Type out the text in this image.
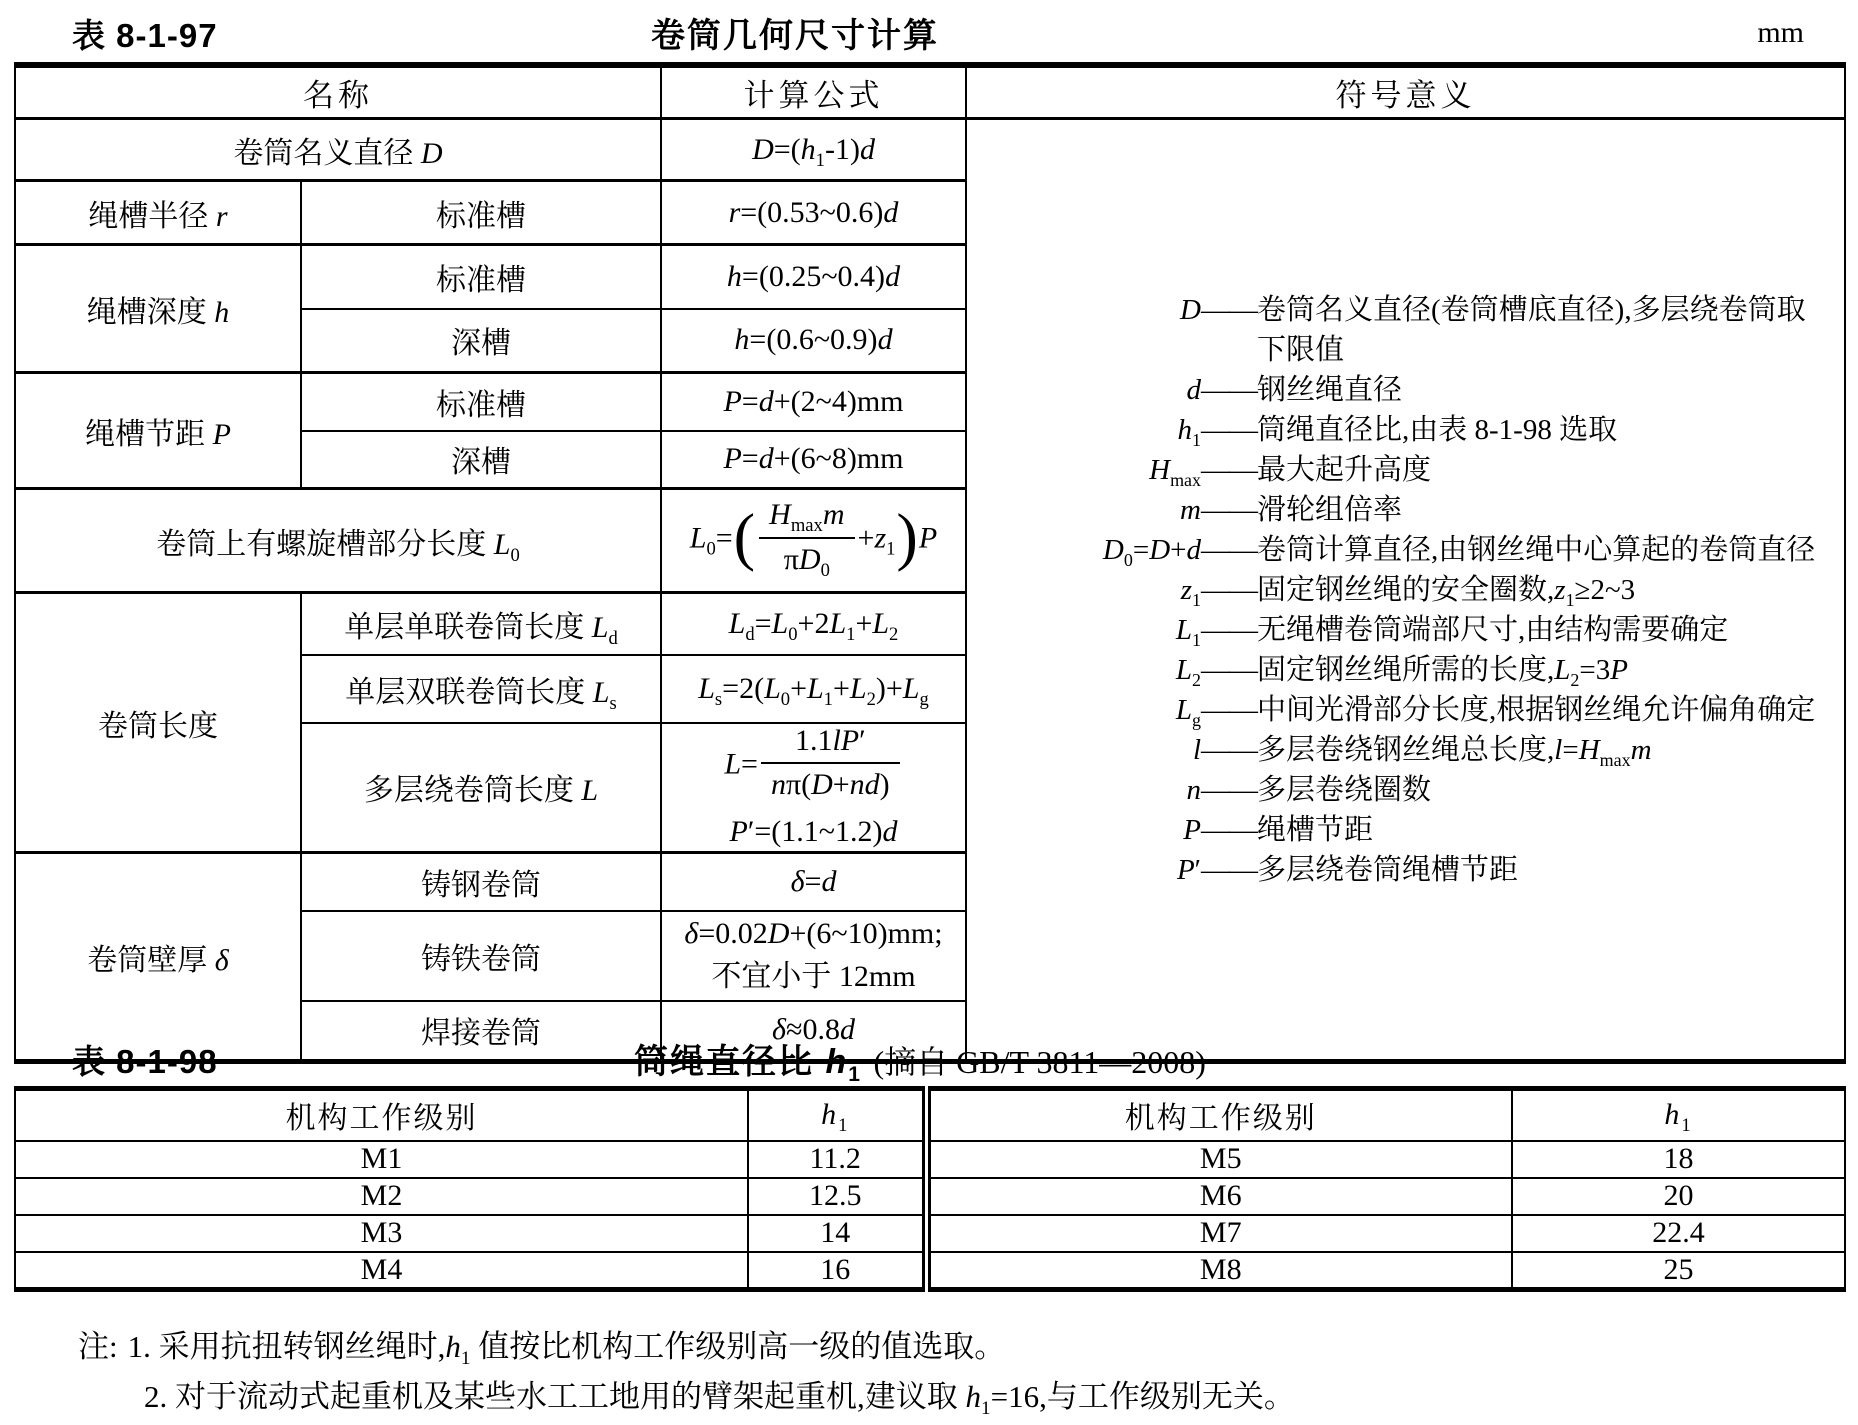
表 8-1-97	卷筒几何尺寸计算	mm
名称		计算公式	符号意义
卷筒名义直径 D	$D=(h_1-1)d$	
D —— 卷筒名义直径(卷筒槽底直径),多层绕卷筒取下限值
d —— 钢丝绳直径
$h_1$ —— 筒绳直径比,由表 8-1-98 选取
$H_{max}$ —— 最大起升高度
m —— 滑轮组倍率
$D_0=D+d$ —— 卷筒计算直径,由钢丝绳中心算起的卷筒直径
$z_1$ —— 固定钢丝绳的安全圈数$,z_1\ge 2\sim 3$
$L_1$ —— 无绳槽卷筒端部尺寸,由结构需要确定
$L_2$ —— 固定钢丝绳所需的长度$,L_2=3P$
$L_g$ —— 中间光滑部分长度,根据钢丝绳允许偏角确定
l —— 多层卷绕钢丝绳总长度$,l=H_{max}m$
n —— 多层卷绕圈数
P —— 绳槽节距
P′ —— 多层绕卷筒绳槽节距

绳槽半径 r	标准槽	r=(0.53~0.6)d	
绳槽深度 h	标准槽	h=(0.25~0.4)d	
	深槽	h=(0.6~0.9)d	
绳槽节距 P	标准槽	P=d+(2~4)mm	
	深槽	P=d+(6~8)mm	
卷筒上有螺旋槽部分长度 $L_0$		$L_0=( \frac{H_{max}m}{\pi D_0} +z_1)P$	
卷筒长度	单层单联卷筒长度 $L_d$	$L_d=L_0+2L_1+L_2$
	单层双联卷筒长度 $L_s$	$L_s=2(L_0+L_1+L_2)+L_g$
	多层绕卷筒长度 L	$L= \frac{1.1lP'}{n\pi(D+nd)}$
P′=(1.1~1.2)d	

卷筒壁厚 δ	铸钢卷筒	δ=d	
	铸铁卷筒	δ=0.02D+(6~10)mm;
不宜小于 12mm	
	焊接卷筒	δ≈0.8d	
表 8-1-98	筒绳直径比 $h_1$ (摘自 GB/T 3811—2008)
机构工作级别	$h_1$	机构工作级别	$h_1$
M1	11.2	M5	18
M2	12.5	M6	20
M3	14	M7	22.4
M4	16	M8	25
注: 1. 采用抗扭转钢丝绳时$,h_1$ 值按比机构工作级别高一级的值选取。
2. 对于流动式起重机及某些水工工地用的臂架起重机,建议取 $h_1=16$,与工作级别无关。
